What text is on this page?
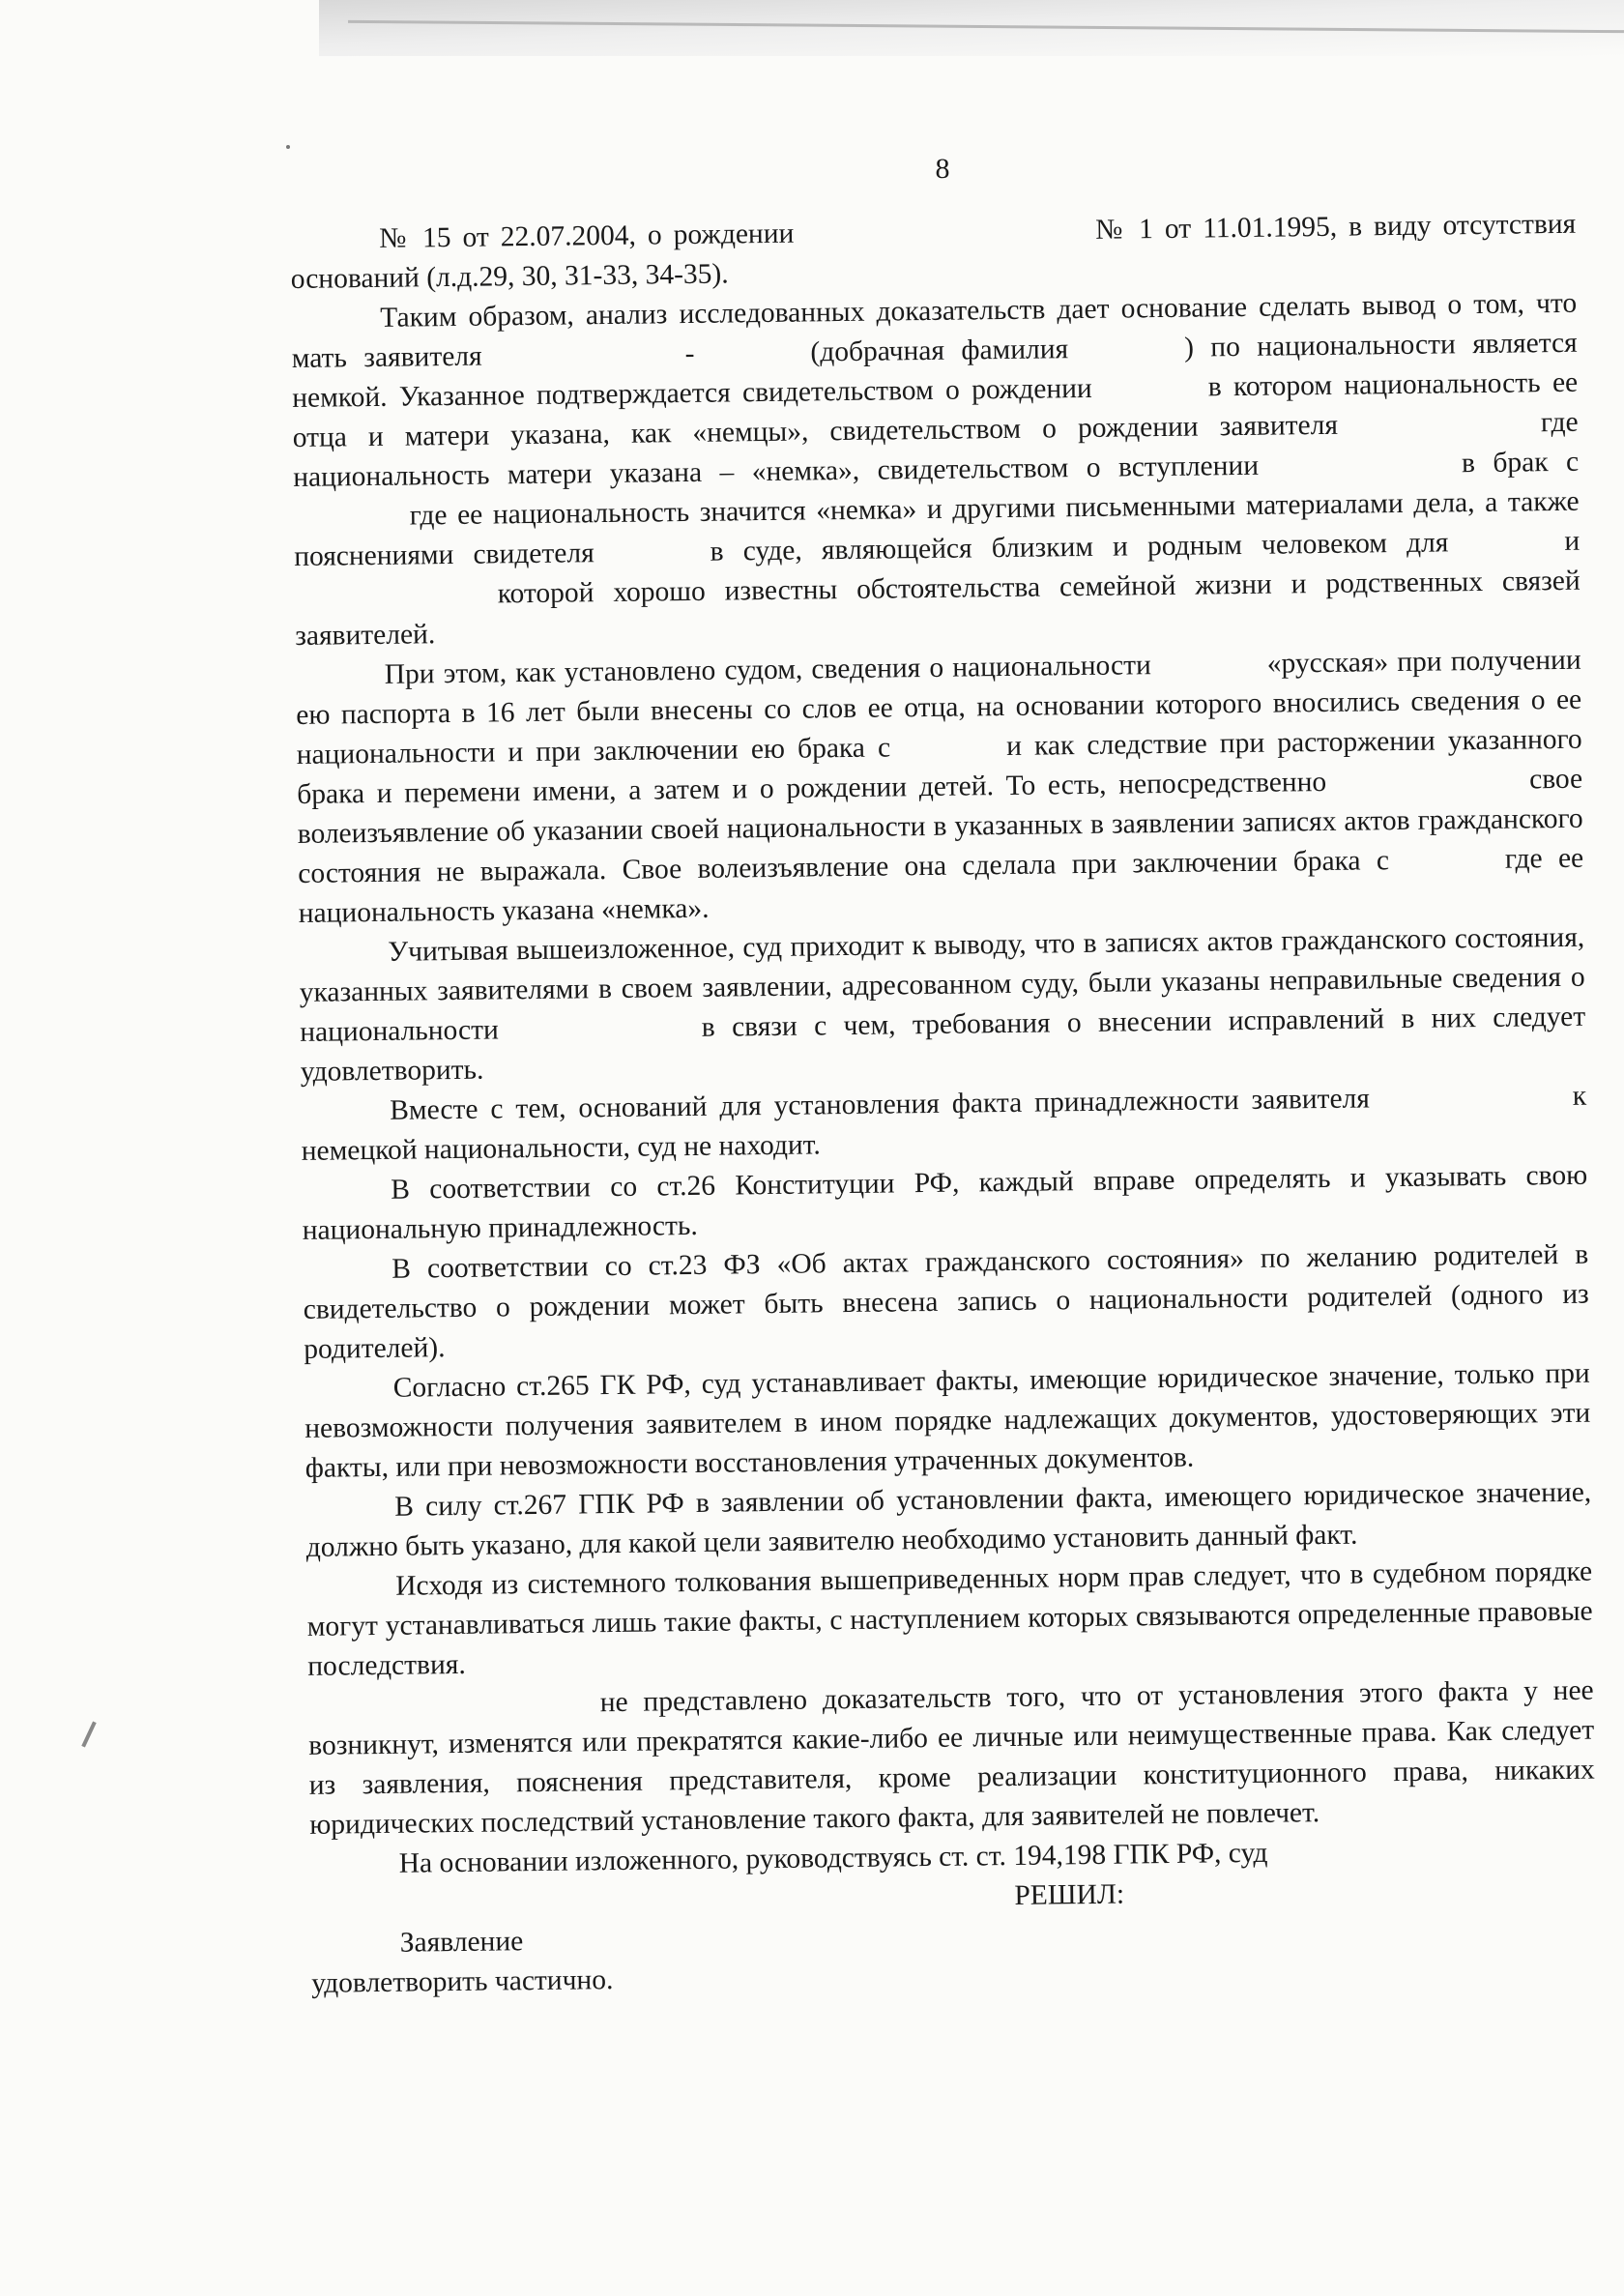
8

№ 15 от 22.07.2004, о рождении	№ 1 от 11.01.1995, в виду отсутствия оснований (л.д.29, 30, 31-33, 34-35).

Таким образом, анализ исследованных доказательств дает основание сделать вывод о том, что мать заявителя	-	(добрачная фамилия	) по национальности является немкой. Указанное подтверждается свидетельством о рождении	в котором национальность ее отца и матери указана, как «немцы», свидетельством о рождении заявителя	где национальность матери указана – «немка», свидетельством о вступлении	в брак сгде ее национальность значится «немка» и другими письменными материалами дела, а также пояснениями свидетеля	в суде, являющейся близким и родным человеком для	икоторой хорошо известны обстоятельства семейной жизни и родственных связей заявителей.

При этом, как установлено судом, сведения о национальности	«русская» при получении ею паспорта в 16 лет были внесены со слов ее отца, на основании которого вносились сведения о ее национальности и при заключении ею брака с	и как следствие при расторжении указанного брака и перемени имени, а затем и о рождении детей. То есть, непосредственно	свое волеизъявление об указании своей национальности в указанных в заявлении записях актов гражданского состояния не выражала. Свое волеизъявление она сделала при заключении брака с	где ее национальность указана «немка».

Учитывая вышеизложенное, суд приходит к выводу, что в записях актов гражданского состояния, указанных заявителями в своем заявлении, адресованном суду, были указаны неправильные сведения о национальности	в связи с чем, требования о внесении исправлений в них следует удовлетворить.

Вместе с тем, оснований для установления факта принадлежности заявителя	к немецкой национальности, суд не находит.

В соответствии со ст.26 Конституции РФ, каждый вправе определять и указывать свою национальную принадлежность.

В соответствии со ст.23 ФЗ «Об актах гражданского состояния» по желанию родителей в свидетельство о рождении может быть внесена запись о национальности родителей (одного из родителей).

Согласно ст.265 ГК РФ, суд устанавливает факты, имеющие юридическое значение, только при невозможности получения заявителем в ином порядке надлежащих документов, удостоверяющих эти факты, или при невозможности восстановления утраченных документов.

В силу ст.267 ГПК РФ в заявлении об установлении факта, имеющего юридическое значение, должно быть указано, для какой цели заявителю необходимо установить данный факт.

Исходя из системного толкования вышеприведенных норм прав следует, что в судебном порядке могут устанавливаться лишь такие факты, с наступлением которых связываются определенные правовые последствия.

не представлено доказательств того, что от установления этого факта у нее возникнут, изменятся или прекратятся какие-либо ее личные или неимущественные права. Как следует из заявления, пояснения представителя, кроме реализации конституционного права, никаких юридических последствий установление такого факта, для заявителей не повлечет.

На основании изложенного, руководствуясь ст. ст. 194,198 ГПК РФ, суд

РЕШИЛ:

Заявление

удовлетворить частично.
